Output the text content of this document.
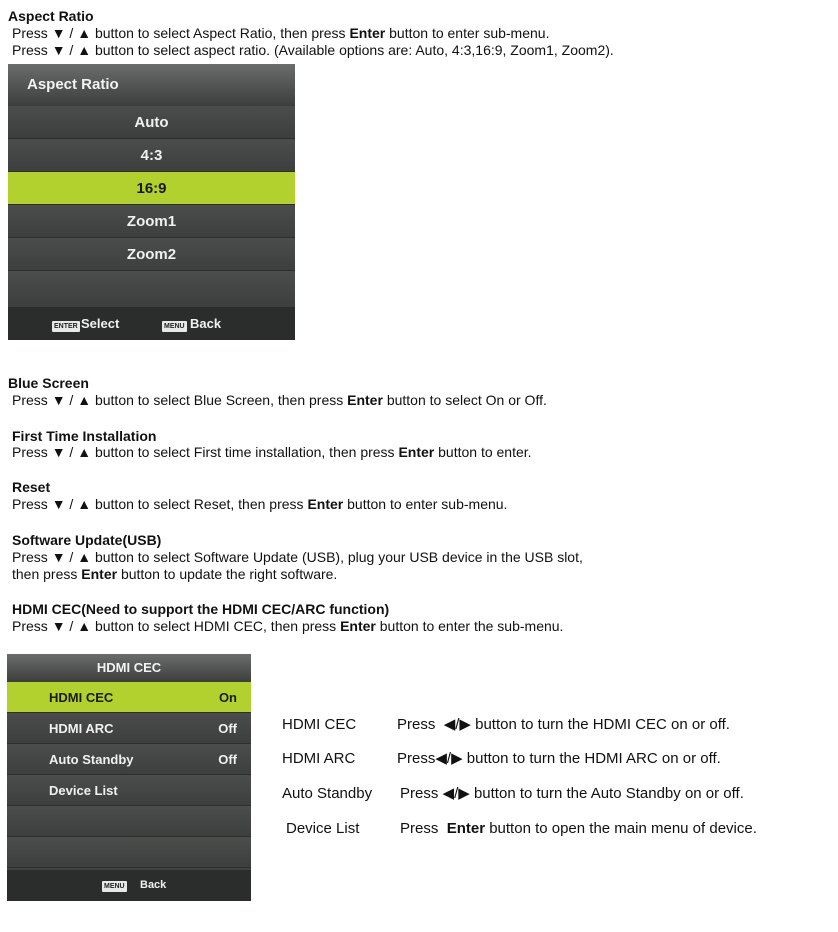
Aspect Ratio
Press ▼ / ▲ button to select Aspect Ratio, then press Enter button to enter sub-menu.
Press ▼ / ▲ button to select aspect ratio. (Available options are: Auto, 4:3,16:9, Zoom1, Zoom2).
Aspect Ratio
Auto
4:3
16:9
Zoom1
Zoom2
ENTER Select	MENU Back
Blue Screen
Press ▼ / ▲ button to select Blue Screen, then press Enter button to select On or Off.
First Time Installation
Press ▼ / ▲ button to select First time installation, then press Enter button to enter.
Reset
Press ▼ / ▲ button to select Reset, then press Enter button to enter sub-menu.
Software Update(USB)
Press ▼ / ▲ button to select Software Update (USB), plug your USB device in the USB slot,
then press Enter button to update the right software.
HDMI CEC(Need to support the HDMI CEC/ARC function)
Press ▼ / ▲ button to select HDMI CEC, then press Enter button to enter the sub-menu.
HDMI CEC
HDMI CEC	On
HDMI ARC	Off
Auto Standby	Off
Device List
MENU Back
HDMI CEC	Press ◀/▶ button to turn the HDMI CEC on or off.
HDMI ARC	Press◀/▶ button to turn the HDMI ARC on or off.
Auto Standby Press ◀/▶ button to turn the Auto Standby on or off.
Device List	Press Enter button to open the main menu of device.
